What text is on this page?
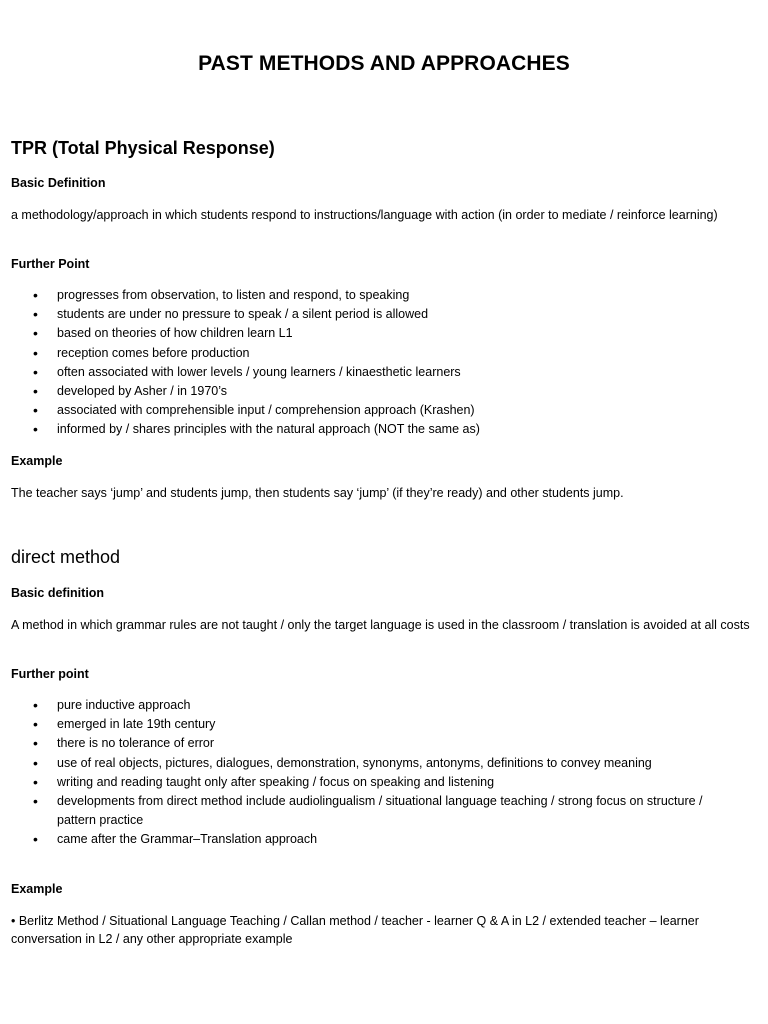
PAST METHODS AND APPROACHES
TPR (Total Physical Response)
Basic Definition
a methodology/approach in which students respond to instructions/language with action (in order to mediate / reinforce learning)
Further Point
• progresses from observation, to listen and respond, to speaking
• students are under no pressure to speak / a silent period is allowed
• based on theories of how children learn L1
• reception comes before production
• often associated with lower levels / young learners / kinaesthetic learners
• developed by Asher / in 1970’s
• associated with comprehensible input / comprehension approach (Krashen)
• informed by / shares principles with the natural approach (NOT the same as)
Example
The teacher says ‘jump’ and students jump, then students say ‘jump’ (if they’re ready) and other students jump.
direct method
Basic definition
A method in which grammar rules are not taught / only the target language is used in the classroom / translation is avoided at all costs
Further point
• pure inductive approach
• emerged in late 19th century
• there is no tolerance of error
• use of real objects, pictures, dialogues, demonstration, synonyms, antonyms, definitions to convey meaning
• writing and reading taught only after speaking / focus on speaking and listening
• developments from direct method include audiolingualism / situational language teaching / strong focus on structure / pattern practice
• came after the Grammar–Translation approach
Example
• Berlitz Method / Situational Language Teaching / Callan method / teacher - learner Q & A in L2 / extended teacher – learner conversation in L2 / any other appropriate example
